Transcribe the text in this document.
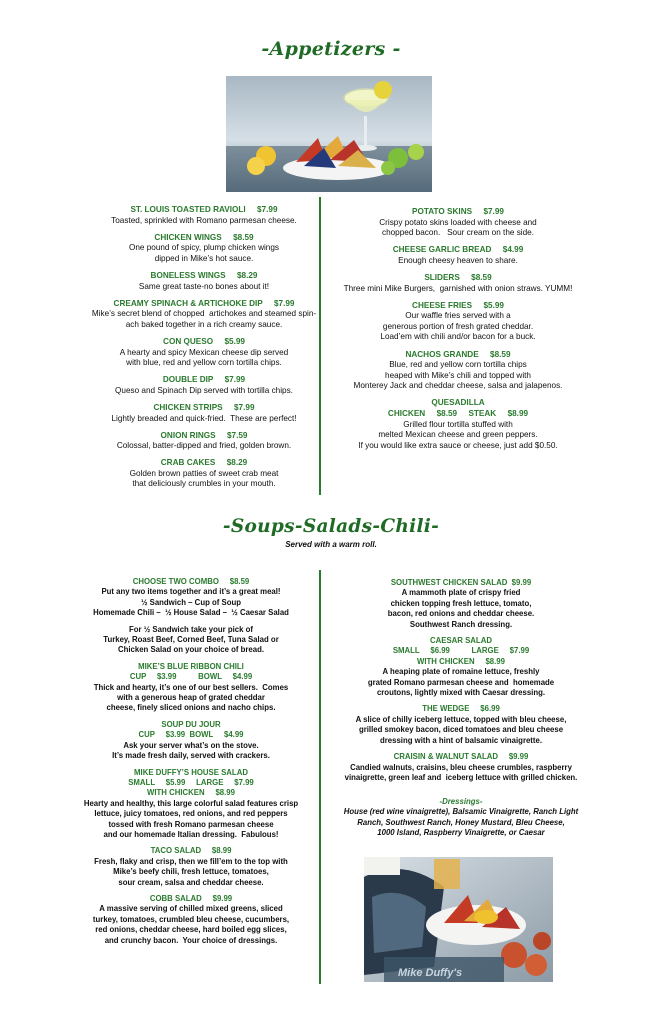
-Appetizers -
ST. LOUIS TOASTED RAVIOLI     $7.99
Toasted, sprinkled with Romano parmesan cheese.
CHICKEN WINGS     $8.59
One pound of spicy, plump chicken wings
dipped in Mike’s hot sauce.
BONELESS WINGS     $8.29
Same great taste-no bones about it!
CREAMY SPINACH & ARTICHOKE DIP     $7.99
Mike’s secret blend of chopped  artichokes and steamed spin-
ach baked together in a rich creamy sauce.
CON QUESO     $5.99
A hearty and spicy Mexican cheese dip served
with blue, red and yellow corn tortilla chips.
DOUBLE DIP     $7.99
Queso and Spinach Dip served with tortilla chips.
CHICKEN STRIPS     $7.99
Lightly breaded and quick-fried.  These are perfect!
ONION RINGS     $7.59
Colossal, batter-dipped and fried, golden brown.
CRAB CAKES     $8.29
Golden brown patties of sweet crab meat
that deliciously crumbles in your mouth.
POTATO SKINS     $7.99
Crispy potato skins loaded with cheese and
chopped bacon.   Sour cream on the side.
CHEESE GARLIC BREAD     $4.99
Enough cheesy heaven to share.
SLIDERS     $8.59
Three mini Mike Burgers,  garnished with onion straws. YUMM!
CHEESE FRIES     $5.99
Our waffle fries served with a
generous portion of fresh grated cheddar.
Load’em with chili and/or bacon for a buck.
NACHOS GRANDE     $8.59
Blue, red and yellow corn tortilla chips
heaped with Mike’s chili and topped with
Monterey Jack and cheddar cheese, salsa and jalapenos.
QUESADILLA
CHICKEN     $8.59     STEAK     $8.99
Grilled flour tortilla stuffed with
melted Mexican cheese and green peppers.
If you would like extra sauce or cheese, just add $0.50.
-Soups-Salads-Chili-
Served with a warm roll.
CHOOSE TWO COMBO     $8.59
Put any two items together and it’s a great meal!
½ Sandwich – Cup of Soup
Homemade Chili –  ½ House Salad –  ½ Caesar Salad
For ½ Sandwich take your pick of
Turkey, Roast Beef, Corned Beef, Tuna Salad or
Chicken Salad on your choice of bread.
MIKE’S BLUE RIBBON CHILI
CUP     $3.99          BOWL     $4.99
Thick and hearty, it’s one of our best sellers.  Comes
with a generous heap of grated cheddar
cheese, finely sliced onions and nacho chips.
SOUP DU JOUR
CUP     $3.99  BOWL     $4.99
Ask your server what’s on the stove.
It’s made fresh daily, served with crackers.
MIKE DUFFY’S HOUSE SALAD
SMALL     $5.99     LARGE     $7.99
WITH CHICKEN     $8.99
Hearty and healthy, this large colorful salad features crisp
lettuce, juicy tomatoes, red onions, and red peppers
tossed with fresh Romano parmesan cheese
and our homemade Italian dressing.  Fabulous!
TACO SALAD     $8.99
Fresh, flaky and crisp, then we fill’em to the top with
Mike’s beefy chili, fresh lettuce, tomatoes,
sour cream, salsa and cheddar cheese.
COBB SALAD     $9.99
A massive serving of chilled mixed greens, sliced
turkey, tomatoes, crumbled bleu cheese, cucumbers,
red onions, cheddar cheese, hard boiled egg slices,
and crunchy bacon.  Your choice of dressings.
SOUTHWEST CHICKEN SALAD  $9.99
A mammoth plate of crispy fried
chicken topping fresh lettuce, tomato,
bacon, red onions and cheddar cheese.
Southwest Ranch dressing.
CAESAR SALAD
SMALL     $6.99          LARGE     $7.99
WITH CHICKEN     $8.99
A heaping plate of romaine lettuce, freshly
grated Romano parmesan cheese and  homemade
croutons, lightly mixed with Caesar dressing.
THE WEDGE     $6.99
A slice of chilly iceberg lettuce, topped with bleu cheese,
grilled smokey bacon, diced tomatoes and bleu cheese
dressing with a hint of balsamic vinaigrette.
CRAISIN & WALNUT SALAD     $9.99
Candied walnuts, craisins, bleu cheese crumbles, raspberry
vinaigrette, green leaf and  iceberg lettuce with grilled chicken.
-Dressings-
House (red wine vinaigrette), Balsamic Vinaigrette, Ranch Light
Ranch, Southwest Ranch, Honey Mustard, Bleu Cheese,
1000 Island, Raspberry Vinaigrette, or Caesar
Mike Duffy's
